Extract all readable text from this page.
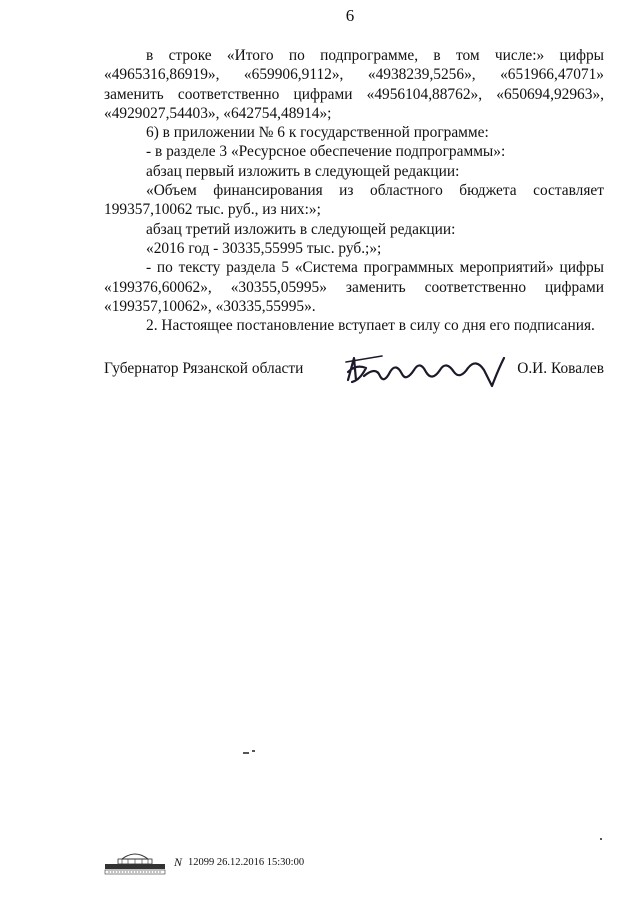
6

в строке «Итого по подпрограмме, в том числе:» цифры «4965316,86919», «659906,9112», «4938239,5256», «651966,47071» заменить соответственно цифрами «4956104,88762», «650694,92963», «4929027,54403», «642754,48914»;

6) в приложении № 6 к государственной программе:

- в разделе 3 «Ресурсное обеспечение подпрограммы»:

абзац первый изложить в следующей редакции:

«Объем финансирования из областного бюджета составляет 199357,10062 тыс. руб., из них:»;

абзац третий изложить в следующей редакции:

«2016 год - 30335,55995 тыс. руб.;»;

- по тексту раздела 5 «Система программных мероприятий» цифры «199376,60062», «30355,05995» заменить соответственно цифрами «199357,10062», «30335,55995».

2. Настоящее постановление вступает в силу со дня его подписания.

Губернатор Рязанской области	О.И. Ковалев
N 12099 26.12.2016 15:30:00
